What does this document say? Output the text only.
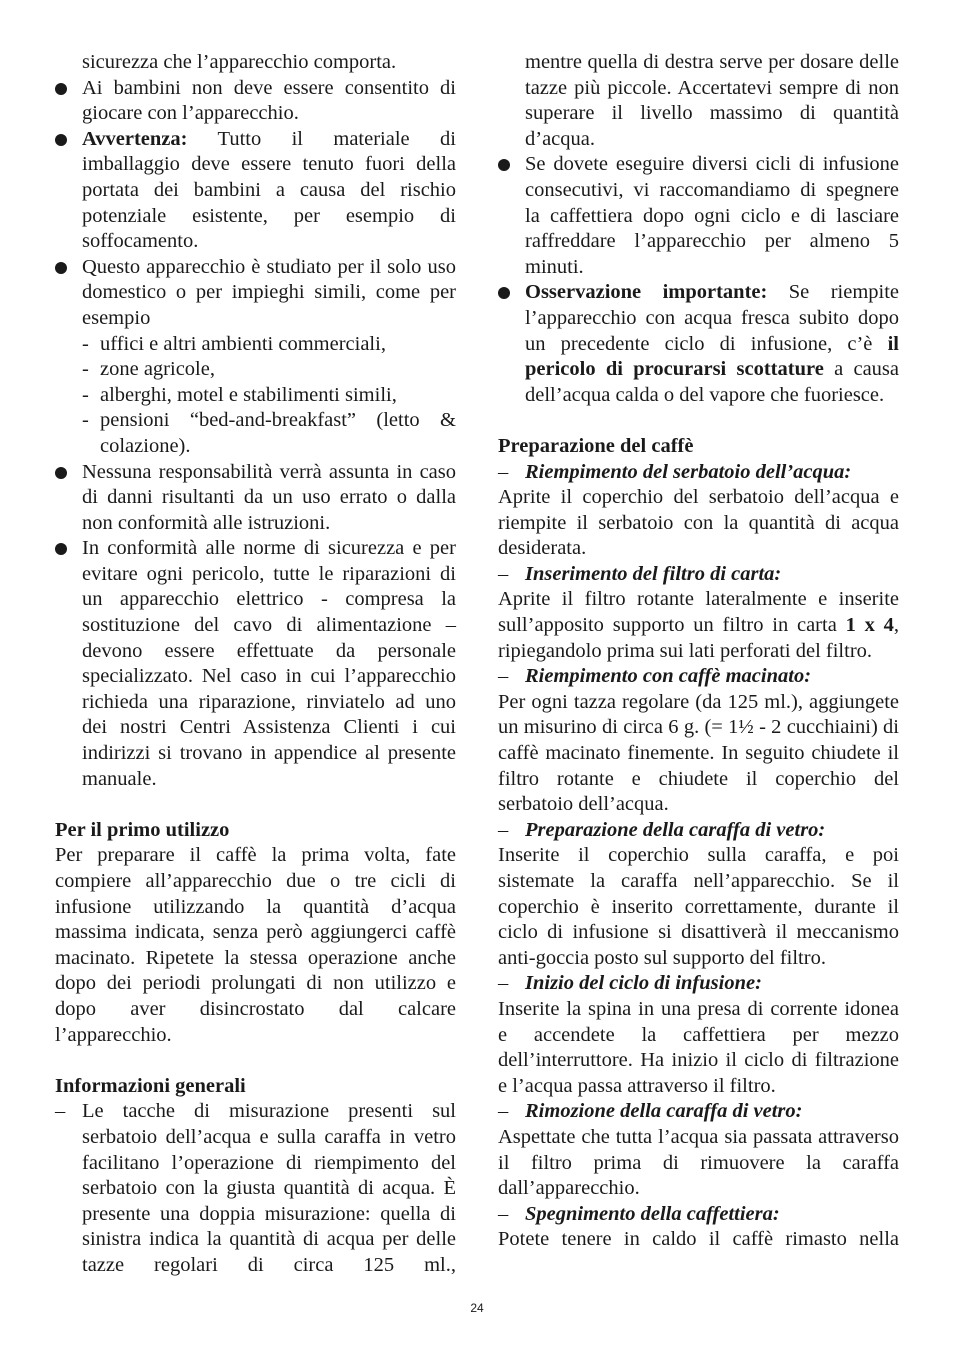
sicurezza che l’apparecchio comporta.
Ai bambini non deve essere consentito di giocare con l’apparecchio.
Avvertenza: Tutto il materiale di imballaggio deve essere tenuto fuori della portata dei bambini a causa del rischio potenziale esistente, per esempio di soffocamento.
Questo apparecchio è studiato per il solo uso domestico o per impieghi simili, come per esempio
- uffici e altri ambienti commerciali,
- zone agricole,
- alberghi, motel e stabilimenti simili,
- pensioni “bed-and-breakfast” (letto & colazione).
Nessuna responsabilità verrà assunta in caso di danni risultanti da un uso errato o dalla non conformità alle istruzioni.
In conformità alle norme di sicurezza e per evitare ogni pericolo, tutte le riparazioni di un apparecchio elettrico - compresa la sostituzione del cavo di alimentazione – devono essere effettuate da personale specializzato. Nel caso in cui l’apparecchio richieda una riparazione, rinviatelo ad uno dei nostri Centri Assistenza Clienti i cui indirizzi si trovano in appendice al presente manuale.

Per il primo utilizzo

Per preparare il caffè la prima volta, fate compiere all’apparecchio due o tre cicli di infusione utilizzando la quantità d’acqua massima indicata, senza però aggiungerci caffè macinato. Ripetete la stessa operazione anche dopo dei periodi prolungati di non utilizzo e dopo aver disincrostato dal calcare l’apparecchio.

Informazioni generali

– Le tacche di misurazione presenti sul serbatoio dell’acqua e sulla caraffa in vetro facilitano l’operazione di riempimento del serbatoio con la giusta quantità di acqua. È presente una doppia misurazione: quella di sinistra indica la quantità di acqua per delle tazze regolari di circa 125 ml.,
mentre quella di destra serve per dosare delle tazze più piccole. Accertatevi sempre di non superare il livello massimo di quantità d’acqua.
Se dovete eseguire diversi cicli di infusione consecutivi, vi raccomandiamo di spegnere la caffettiera dopo ogni ciclo e di lasciare raffreddare l’apparecchio per almeno 5 minuti.
Osservazione importante: Se riempite l’apparecchio con acqua fresca subito dopo un precedente ciclo di infusione, c’è il pericolo di procurarsi scottature a causa dell’acqua calda o del vapore che fuoriesce.

Preparazione del caffè

– Riempimento del serbatoio dell’acqua:

Aprite il coperchio del serbatoio dell’acqua e riempite il serbatoio con la quantità di acqua desiderata.

– Inserimento del filtro di carta:

Aprite il filtro rotante lateralmente e inserite sull’apposito supporto un filtro in carta 1 x 4, ripiegandolo prima sui lati perforati del filtro.

– Riempimento con caffè macinato:

Per ogni tazza regolare (da 125 ml.), aggiungete un misurino di circa 6 g. (= 1½ - 2 cucchiaini) di caffè macinato finemente. In seguito chiudete il filtro rotante e chiudete il coperchio del serbatoio dell’acqua.

– Preparazione della caraffa di vetro:

Inserite il coperchio sulla caraffa, e poi sistemate la caraffa nell’apparecchio. Se il coperchio è inserito correttamente, durante il ciclo di infusione si disattiverà il meccanismo anti-goccia posto sul supporto del filtro.

– Inizio del ciclo di infusione:

Inserite la spina in una presa di corrente idonea e accendete la caffettiera per mezzo dell’interruttore. Ha inizio il ciclo di filtrazione e l’acqua passa attraverso il filtro.

– Rimozione della caraffa di vetro:

Aspettate che tutta l’acqua sia passata attraverso il filtro prima di rimuovere la caraffa dall’apparecchio.

– Spegnimento della caffettiera:

Potete tenere in caldo il caffè rimasto nella

24
